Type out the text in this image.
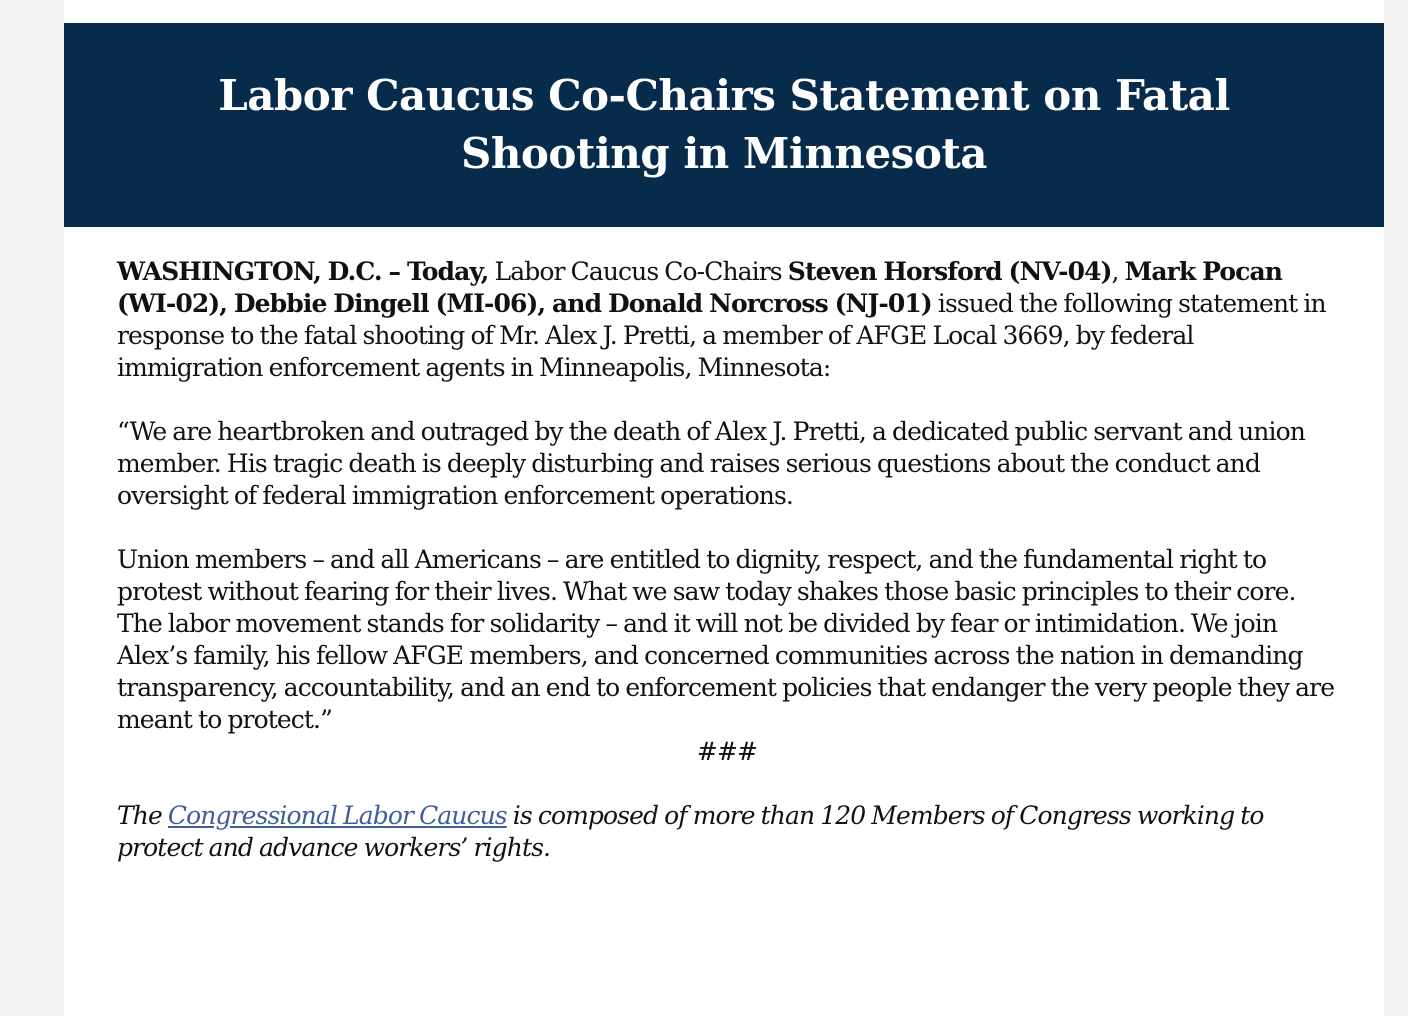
Labor Caucus Co-Chairs Statement on Fatal Shooting in Minnesota

WASHINGTON, D.C. – Today, Labor Caucus Co-Chairs Steven Horsford (NV-04), Mark Pocan (WI-02), Debbie Dingell (MI-06), and Donald Norcross (NJ-01) issued the following statement in response to the fatal shooting of Mr. Alex J. Pretti, a member of AFGE Local 3669, by federal immigration enforcement agents in Minneapolis, Minnesota:

“We are heartbroken and outraged by the death of Alex J. Pretti, a dedicated public servant and union member. His tragic death is deeply disturbing and raises serious questions about the conduct and oversight of federal immigration enforcement operations.

Union members – and all Americans – are entitled to dignity, respect, and the fundamental right to protest without fearing for their lives. What we saw today shakes those basic principles to their core. The labor movement stands for solidarity – and it will not be divided by fear or intimidation. We join Alex’s family, his fellow AFGE members, and concerned communities across the nation in demanding transparency, accountability, and an end to enforcement policies that endanger the very people they are meant to protect.”

###

The Congressional Labor Caucus is composed of more than 120 Members of Congress working to protect and advance workers’ rights.
